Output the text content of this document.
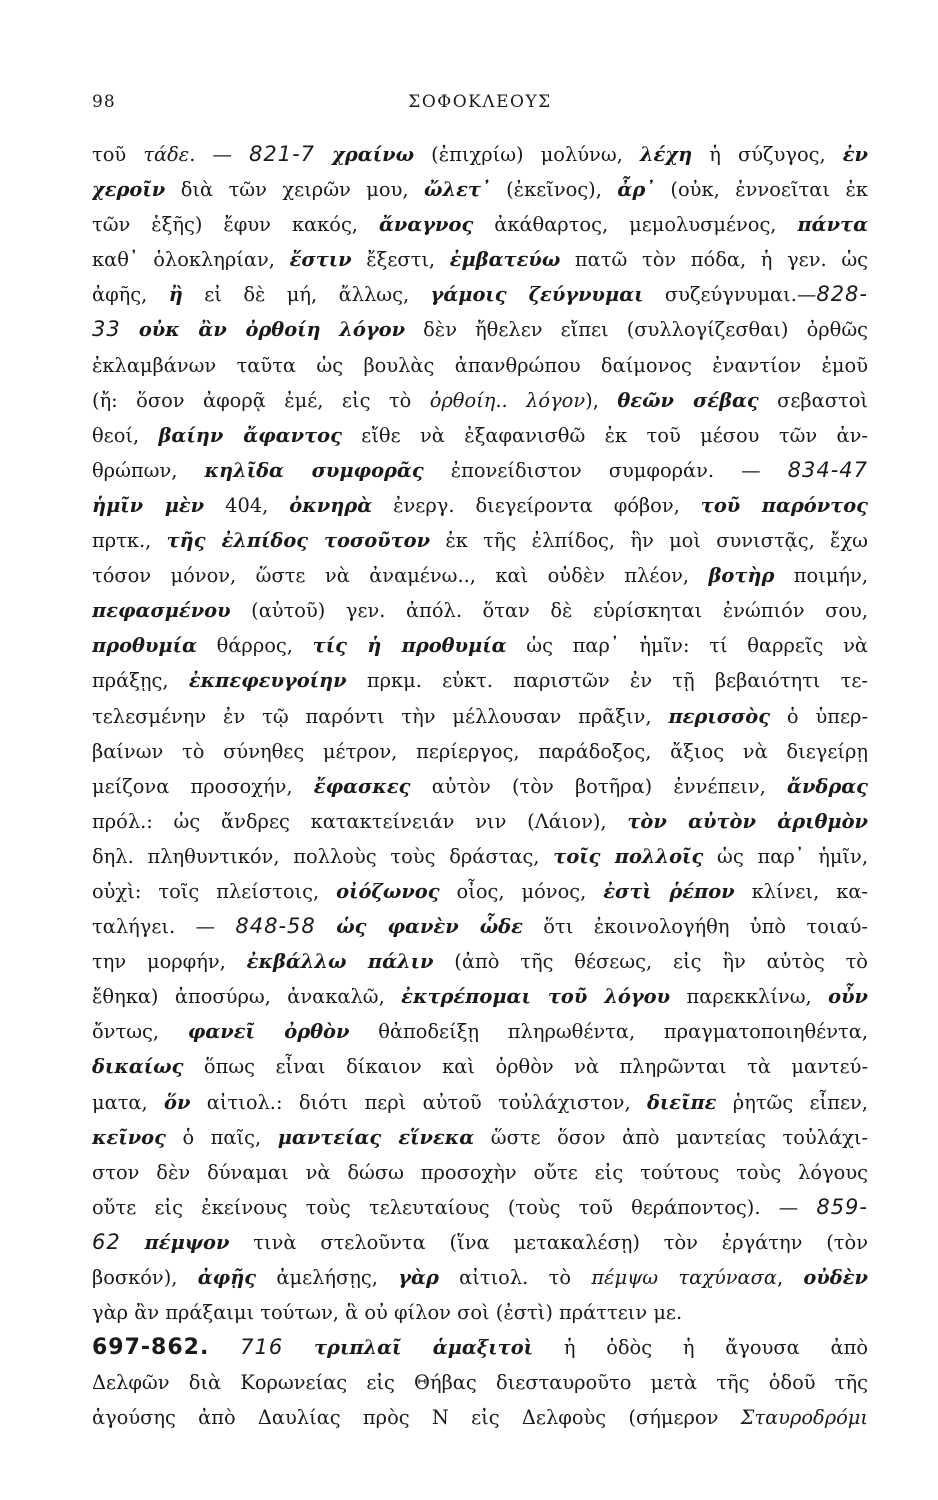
98	ΣΟΦΟΚΛΕΟΥΣ
τοῦ τάδε. — 821-7 χραίνω (ἐπιχρίω) μολύνω, λέχη ἡ σύζυγος, ἐν
χεροῖν διὰ τῶν χειρῶν μου, ὤλετ᾽ (ἐκεῖνος), ἆρ᾽ (οὐκ, ἐννοεῖται ἐκ
τῶν ἑξῆς) ἔφυν κακός, ἄναγνος ἀκάθαρτος, μεμολυσμένος, πάντα
καθ᾽ ὁλοκληρίαν, ἔστιν ἔξεστι, ἐμβατεύω πατῶ τὸν πόδα, ἡ γεν. ὡς
ἀφῆς, ἢ εἰ δὲ μή, ἄλλως, γάμοις ζεύγνυμαι συζεύγνυμαι.—828-
33 οὐκ ἂν ὀρθοίη λόγον δὲν ἤθελεν εἴπει (συλλογίζεσθαι) ὀρθῶς
ἐκλαμβάνων ταῦτα ὡς βουλὰς ἀπανθρώπου δαίμονος ἐναντίον ἐμοῦ
(ἤ: ὅσον ἀφορᾷ ἐμέ, εἰς τὸ ὀρθοίη.. λόγον), θεῶν σέβας σεβαστοὶ
θεοί, βαίην ἄφαντος εἴθε νὰ ἐξαφανισθῶ ἐκ τοῦ μέσου τῶν ἀν-
θρώπων, κηλῖδα συμφορᾶς ἐπονείδιστον συμφοράν. — 834-47
ἡμῖν μὲν 404, ὀκνηρὰ ἐνεργ. διεγείροντα φόβον, τοῦ παρόντος
πρτκ., τῆς ἐλπίδος τοσοῦτον ἐκ τῆς ἐλπίδος, ἣν μοὶ συνιστᾷς, ἔχω
τόσον μόνον, ὥστε νὰ ἀναμένω.., καὶ οὐδὲν πλέον, βοτὴρ ποιμήν,
πεφασμένου (αὐτοῦ) γεν. ἀπόλ. ὅταν δὲ εὑρίσκηται ἐνώπιόν σου,
προθυμία θάρρος, τίς ἡ προθυμία ὡς παρ᾽ ἡμῖν: τί θαρρεῖς νὰ
πράξῃς, ἐκπεφευγοίην πρκμ. εὐκτ. παριστῶν ἐν τῇ βεβαιότητι τε-
τελεσμένην ἐν τῷ παρόντι τὴν μέλλουσαν πρᾶξιν, περισσὸς ὁ ὑπερ-
βαίνων τὸ σύνηθες μέτρον, περίεργος, παράδοξος, ἄξιος νὰ διεγείρῃ
μείζονα προσοχήν, ἔφασκες αὐτὸν (τὸν βοτῆρα) ἐννέπειν, ἄνδρας
πρόλ.: ὡς ἄνδρες κατακτείνειάν νιν (Λάιον), τὸν αὐτὸν ἀριθμὸν
δηλ. πληθυντικόν, πολλοὺς τοὺς δράστας, τοῖς πολλοῖς ὡς παρ᾽ ἡμῖν,
οὐχὶ: τοῖς πλείστοις, οἰόζωνος οἶος, μόνος, ἐστὶ ῥέπον κλίνει, κα-
ταλήγει. — 848-58 ὡς φανὲν ὧδε ὅτι ἐκοινολογήθη ὑπὸ τοιαύ-
την μορφήν, ἐκβάλλω πάλιν (ἀπὸ τῆς θέσεως, εἰς ἣν αὐτὸς τὸ
ἔθηκα) ἀποσύρω, ἀνακαλῶ, ἐκτρέπομαι τοῦ λόγου παρεκκλίνω, οὖν
ὄντως, φανεῖ ὀρθὸν θἀποδείξῃ πληρωθέντα, πραγματοποιηθέντα,
δικαίως ὅπως εἶναι δίκαιον καὶ ὀρθὸν νὰ πληρῶνται τὰ μαντεύ-
ματα, ὅν αἰτιολ.: διότι περὶ αὐτοῦ τοὐλάχιστον, διεῖπε ῥητῶς εἶπεν,
κεῖνος ὁ παῖς, μαντείας εἵνεκα ὥστε ὅσον ἀπὸ μαντείας τοὐλάχι-
στον δὲν δύναμαι νὰ δώσω προσοχὴν οὔτε εἰς τούτους τοὺς λόγους
οὔτε εἰς ἐκείνους τοὺς τελευταίους (τοὺς τοῦ θεράποντος). — 859-
62 πέμψον τινὰ στελοῦντα (ἵνα μετακαλέσῃ) τὸν ἐργάτην (τὸν
βοσκόν), ἀφῇς ἀμελήσῃς, γὰρ αἰτιολ. τὸ πέμψω ταχύνασα, οὐδὲν
γὰρ ἂν πράξαιμι τούτων, ἃ οὐ φίλον σοὶ (ἐστὶ) πράττειν με.
697-862. 716 τριπλαῖ ἁμαξιτοὶ ἡ ὁδὸς ἡ ἄγουσα ἀπὸ
Δελφῶν διὰ Κορωνείας εἰς Θήβας διεσταυροῦτο μετὰ τῆς ὁδοῦ τῆς
ἀγούσης ἀπὸ Δαυλίας πρὸς Ν εἰς Δελφοὺς (σήμερον Σταυροδρόμι
